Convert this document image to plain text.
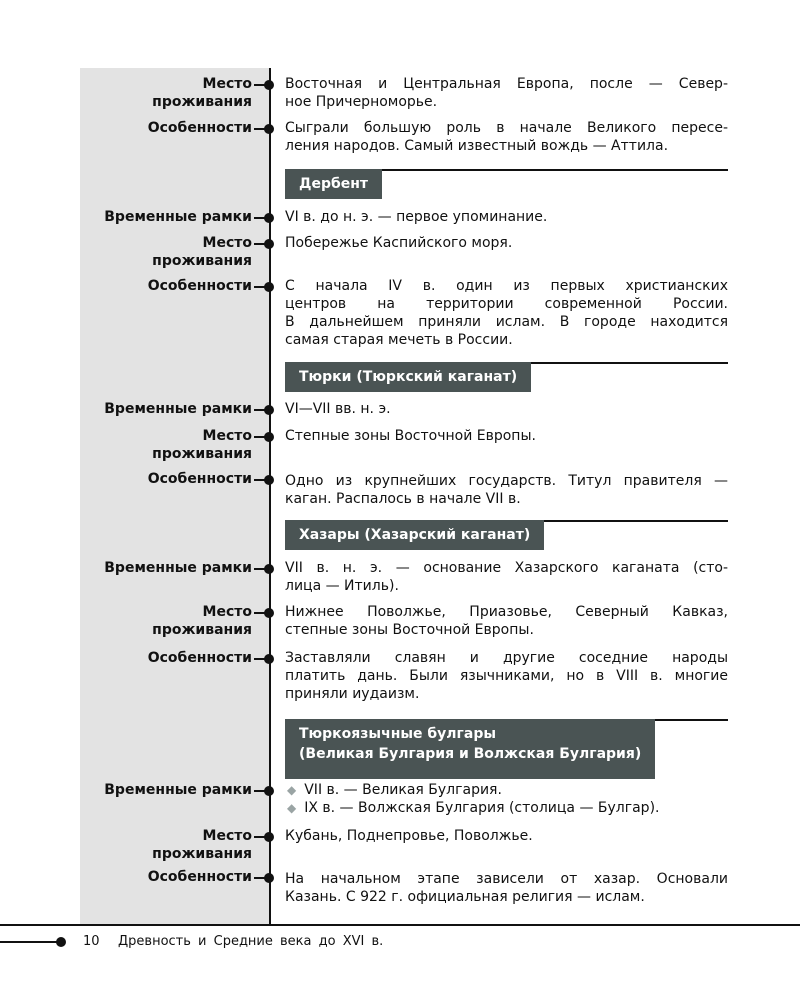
Место
проживания
Восточная и Центральная Европа, после — Север-
ное Причерноморье.
Особенности Сыграли большую роль в начале Великого пересе-
ления народов. Самый известный вождь — Аттила.
Дербент
Временные рамки VI в. до н. э. — первое упоминание.
Место
проживания
Побережье Каспийского моря.
Особенности С начала IV в. один из первых христианских
центров на территории современной России.
В дальнейшем приняли ислам. В городе находится
самая старая мечеть в России.
Тюрки (Тюркский каганат)
Временные рамки VI—VII вв. н. э.
Место
проживания
Степные зоны Восточной Европы.
Особенности Одно из крупнейших государств. Титул правителя —
каган. Распалось в начале VII в.
Хазары (Хазарский каганат)
Временные рамки VII в. н. э. — основание Хазарского каганата (сто-
лица — Итиль).
Место
проживания
Нижнее Поволжье, Приазовье, Северный Кавказ,
степные зоны Восточной Европы.
Особенности Заставляли славян и другие соседние народы
платить дань. Были язычниками, но в VIII в. многие
приняли иудаизм.
Тюркоязычные булгары
(Великая Булгария и Волжская Булгария)
Временные рамки	◆ VII в. — Великая Булгария.
◆ IX в. — Волжская Булгария (столица — Булгар).
Место
проживания
Кубань, Поднепровье, Поволжье.
Особенности На начальном этапе зависели от хазар. Основали
Казань. С 922 г. официальная религия — ислам.
10 Древность и Средние века до XVI в.
